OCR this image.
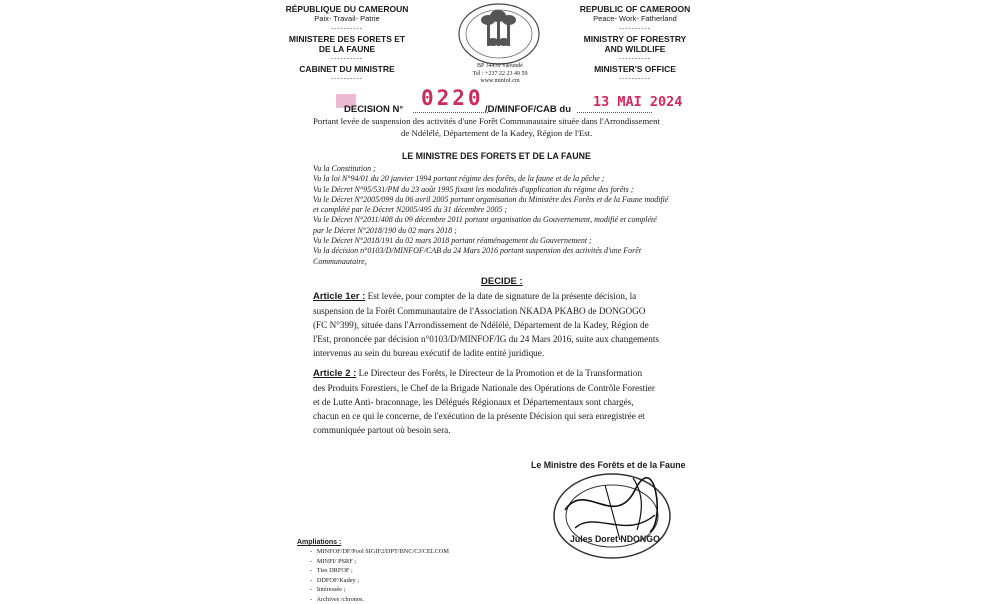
RÉPUBLIQUE DU CAMEROUN
Paix- Travail- Patrie
----------
MINISTERE DES FORETS ET
DE LA FAUNE
----------
CABINET DU MINISTRE
----------
BP 34430 Yaoundé
Tél : +237 22 23 49 59
www.minfof.cm
REPUBLIC OF CAMEROON
Peace- Work- Fatherland
----------
MINISTRY OF FORESTRY
AND WILDLIFE
----------
MINISTER'S OFFICE
----------
DECISION N° 0220 /D/MINFOF/CAB du 13 MAI 2024
Portant levée de suspension des activités d'une Forêt Communautaire située dans l'Arrondissement
de Ndélélé, Département de la Kadey, Région de l'Est.
LE MINISTRE DES FORETS ET DE LA FAUNE
Vu la Constitution ;
Vu la loi N°94/01 du 20 janvier 1994 portant régime des forêts, de la faune et de la pêche ;
Vu le Décret N°95/531/PM du 23 août 1995 fixant les modalités d'application du régime des forêts ;
Vu le Décret N°2005/099 du 06 avril 2005 portant organisation du Ministère des Forêts et de la Faune modifié
et complété par le Décret N2005/495 du 31 décembre 2005 ;
Vu le Décret N°2011/408 du 09 décembre 2011 portant organisation du Gouvernement, modifié et complété
par le Décret N°2018/190 du 02 mars 2018 ;
Vu le Décret N°2018/191 du 02 mars 2018 portant réaménagement du Gouvernement ;
Vu la décision n°0103/D/MINFOF/CAB du 24 Mars 2016 portant suspension des activités d'une Forêt
Communautaire,
DECIDE :
Article 1er : Est levée, pour compter de la date de signature de la présente décision, la
suspension de la Forêt Communautaire de l'Association NKADA PKABO de DONGOGO
(FC N°399), située dans l'Arrondissement de Ndélélé, Département de la Kadey, Région de
l'Est, prononcée par décision n°0103/D/MINFOF/IG du 24 Mars 2016, suite aux changements
intervenus au sein du bureau exécutif de ladite entité juridique.
Article 2 : Le Directeur des Forêts, le Directeur de la Promotion et de la Transformation
des Produits Forestiers, le Chef de la Brigade Nationale des Opérations de Contrôle Forestier
et de Lutte Anti- braconnage, les Délégués Régionaux et Départementaux sont chargés,
chacun en ce qui le concerne, de l'exécution de la présente Décision qui sera enregistrée et
communiquée partout où besoin sera.
Le Ministre des Forêts et de la Faune
Jules Doret NDONGO
Ampliations :
-   MINFOF/DF/Pool SIGIF2/DPT/BNC/CJ/CELCOM
-   MINFI/ PSRF ;
-   Ttes DRFOF ;
-   DDFOF/Kadey ;
-   Intéressée ;
-   Archives /chronos.
